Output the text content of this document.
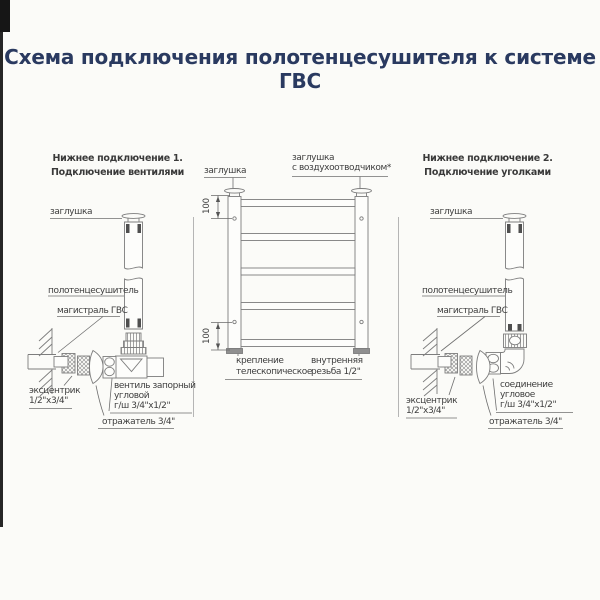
Схема подключения полотенцесушителя к системе ГВС
Нижнее подключение 1.
Подключение вентилями
заглушка
полотенцесушитель
магистраль ГВС
эксцентрик
1/2"x3/4"
вентиль запорный
угловой
г/ш 3/4"x1/2"
отражатель 3/4"
заглушка
заглушка
с воздухоотводчиком*
100
100
крепление
телескопическое
внутренняя
резьба 1/2"
Нижнее подключение 2.
Подключение уголками
заглушка
полотенцесушитель
магистраль ГВС
эксцентрик
1/2"x3/4"
соединение
угловое
г/ш 3/4"x1/2"
отражатель 3/4"
